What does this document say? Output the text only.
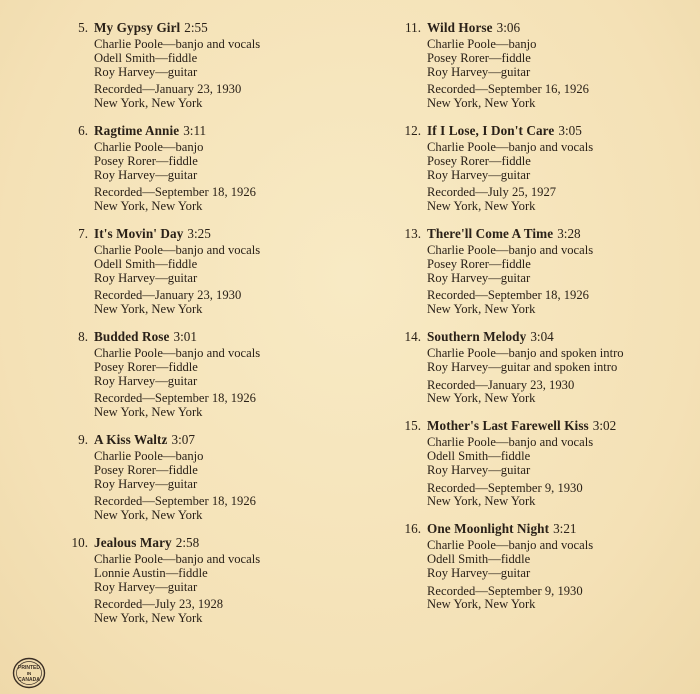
5. My Gypsy Girl 2:55
Charlie Poole—banjo and vocals
Odell Smith—fiddle
Roy Harvey—guitar
Recorded—January 23, 1930
New York, New York
6. Ragtime Annie 3:11
Charlie Poole—banjo
Posey Rorer—fiddle
Roy Harvey—guitar
Recorded—September 18, 1926
New York, New York
7. It's Movin' Day 3:25
Charlie Poole—banjo and vocals
Odell Smith—fiddle
Roy Harvey—guitar
Recorded—January 23, 1930
New York, New York
8. Budded Rose 3:01
Charlie Poole—banjo and vocals
Posey Rorer—fiddle
Roy Harvey—guitar
Recorded—September 18, 1926
New York, New York
9. A Kiss Waltz 3:07
Charlie Poole—banjo
Posey Rorer—fiddle
Roy Harvey—guitar
Recorded—September 18, 1926
New York, New York
10. Jealous Mary 2:58
Charlie Poole—banjo and vocals
Lonnie Austin—fiddle
Roy Harvey—guitar
Recorded—July 23, 1928
New York, New York
11. Wild Horse 3:06
Charlie Poole—banjo
Posey Rorer—fiddle
Roy Harvey—guitar
Recorded—September 16, 1926
New York, New York
12. If I Lose, I Don't Care 3:05
Charlie Poole—banjo and vocals
Posey Rorer—fiddle
Roy Harvey—guitar
Recorded—July 25, 1927
New York, New York
13. There'll Come A Time 3:28
Charlie Poole—banjo and vocals
Posey Rorer—fiddle
Roy Harvey—guitar
Recorded—September 18, 1926
New York, New York
14. Southern Melody 3:04
Charlie Poole—banjo and spoken intro
Roy Harvey—guitar and spoken intro
Recorded—January 23, 1930
New York, New York
15. Mother's Last Farewell Kiss 3:02
Charlie Poole—banjo and vocals
Odell Smith—fiddle
Roy Harvey—guitar
Recorded—September 9, 1930
New York, New York
16. One Moonlight Night 3:21
Charlie Poole—banjo and vocals
Odell Smith—fiddle
Roy Harvey—guitar
Recorded—September 9, 1930
New York, New York
PRINTED
IN
CANADA
